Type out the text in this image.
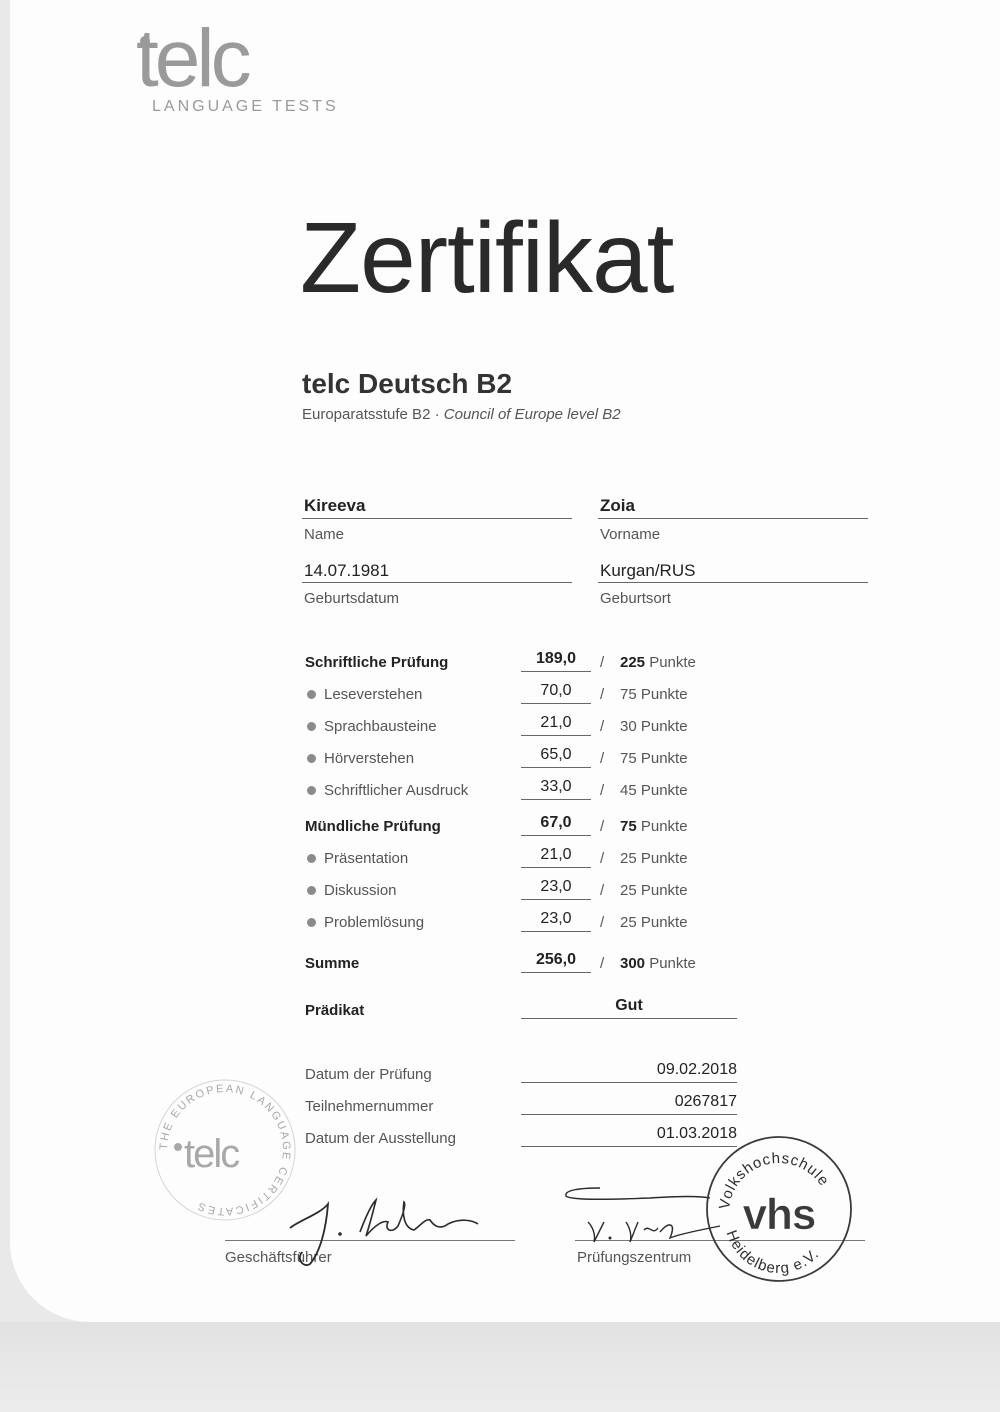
telc
LANGUAGE TESTS
Zertifikat
telc Deutsch B2
Europaratsstufe B2 · Council of Europe level B2
Kireeva
Name
Zoia
Vorname
14.07.1981
Geburtsdatum
Kurgan/RUS
Geburtsort
Schriftliche Prüfung	189,0	/ 225 Punkte
Leseverstehen	70,0	/ 75 Punkte
Sprachbausteine	21,0	/ 30 Punkte
Hörverstehen	65,0	/ 75 Punkte
Schriftlicher Ausdruck	33,0	/ 45 Punkte
Mündliche Prüfung	67,0	/ 75 Punkte
Präsentation	21,0	/ 25 Punkte
Diskussion	23,0	/ 25 Punkte
Problemlösung	23,0	/ 25 Punkte
Summe	256,0	/ 300 Punkte
Prädikat	Gut
Datum der Prüfung	09.02.2018
Teilnehmernummer	0267817
Datum der Ausstellung	01.03.2018
THE EUROPEAN LANGUAGE CERTIFICATES
telc
Geschäftsführer	Prüfungszentrum
Volkshochschule
vhs
Heidelberg e.V.
